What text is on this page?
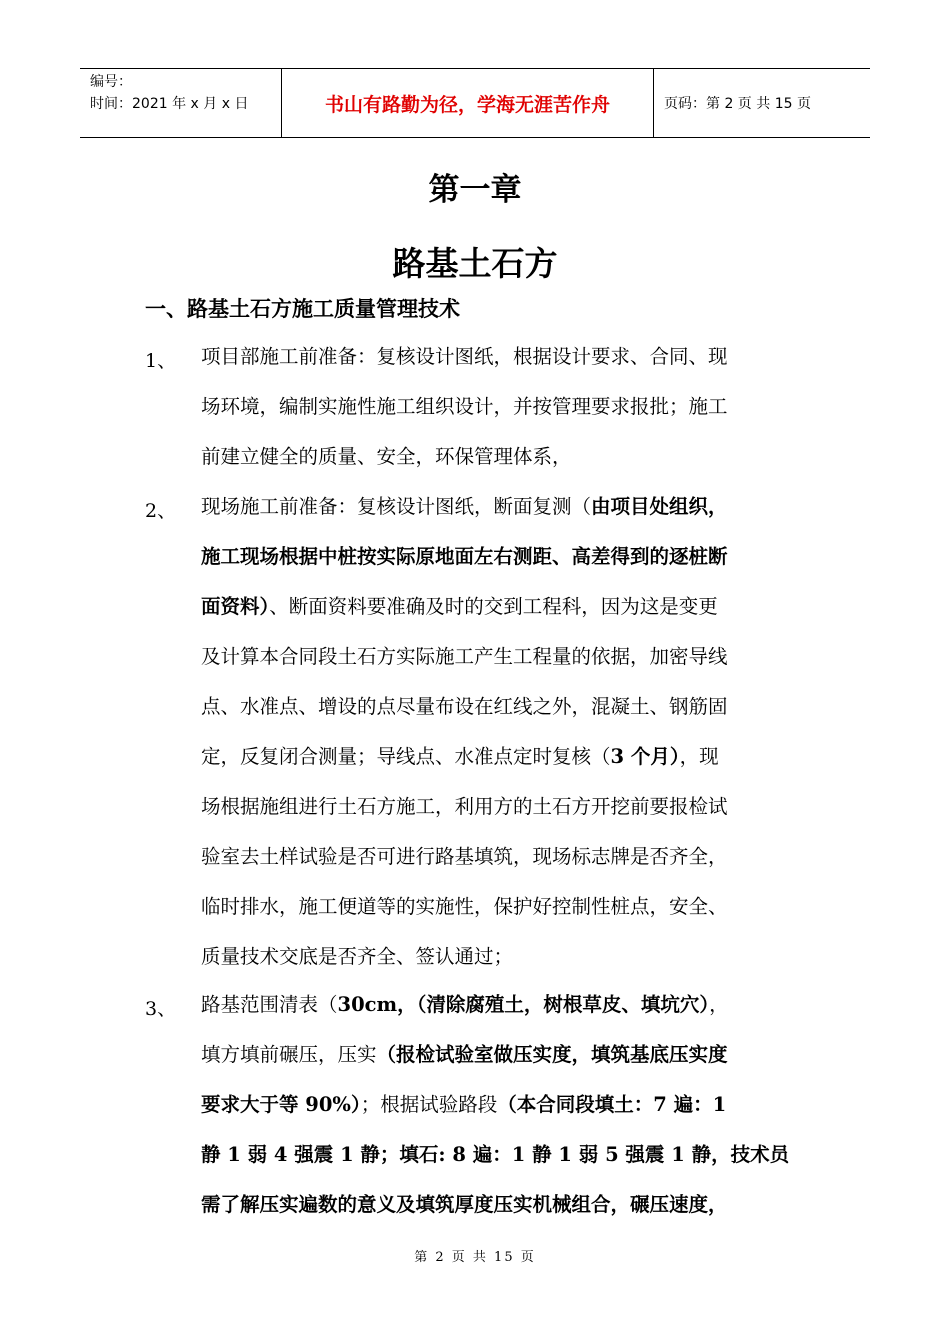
编号：
时间：2021 年 x 月 x 日	书山有路勤为径，学海无涯苦作舟	页码：第 2 页 共 15 页
第一章
路基土石方
一、路基土石方施工质量管理技术
1、 项目部施工前准备：复核设计图纸，根据设计要求、合同、现
场环境，编制实施性施工组织设计，并按管理要求报批；施工
前建立健全的质量、安全，环保管理体系，
2、 现场施工前准备：复核设计图纸，断面复测（由项目处组织，
施工现场根据中桩按实际原地面左右测距、高差得到的逐桩断
面资料）、断面资料要准确及时的交到工程科，因为这是变更
及计算本合同段土石方实际施工产生工程量的依据，加密导线
点、水准点、增设的点尽量布设在红线之外，混凝土、钢筋固
定，反复闭合测量；导线点、水准点定时复核（3 个月），现
场根据施组进行土石方施工，利用方的土石方开挖前要报检试
验室去土样试验是否可进行路基填筑，现场标志牌是否齐全，
临时排水，施工便道等的实施性，保护好控制性桩点，安全、
质量技术交底是否齐全、签认通过；
3、 路基范围清表（30cm，（清除腐殖土，树根草皮、填坑穴），
填方填前碾压，压实（报检试验室做压实度，填筑基底压实度
要求大于等 90%）；根据试验路段（本合同段填土：7 遍：1
静 1 弱 4 强震 1 静；填石: 8 遍：1 静 1 弱 5 强震 1 静，技术员
需了解压实遍数的意义及填筑厚度压实机械组合，碾压速度，
第 2 页 共 15 页
